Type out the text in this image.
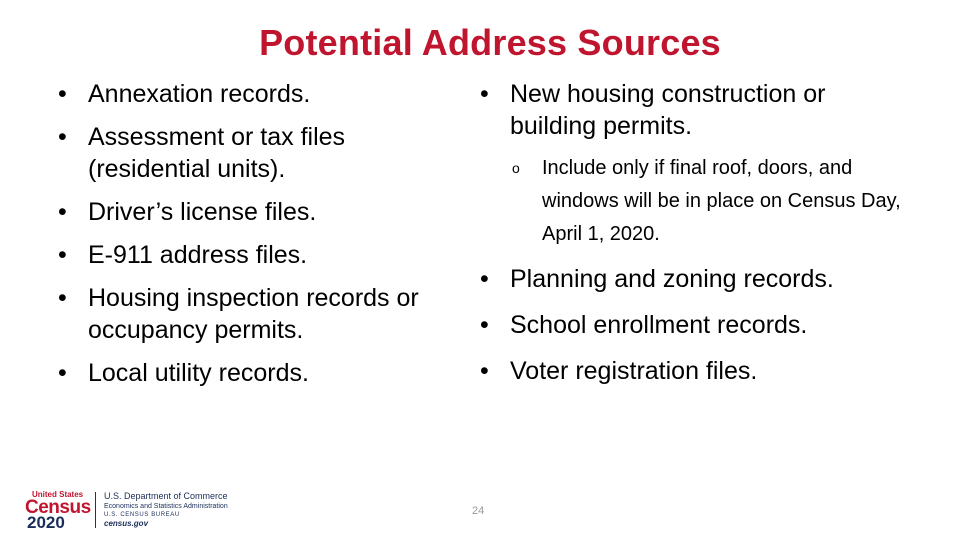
Potential Address Sources
• Annexation records.
• Assessment or tax files (residential units).
• Driver’s license files.
• E-911 address files.
• Housing inspection records or occupancy permits.
• Local utility records.
• New housing construction or building permits.
o Include only if final roof, doors, and windows will be in place on Census Day, April 1, 2020.
• Planning and zoning records.
• School enrollment records.
• Voter registration files.
United States
Census
2020
U.S. Department of Commerce
Economics and Statistics Administration
U.S. CENSUS BUREAU
census.gov
24
